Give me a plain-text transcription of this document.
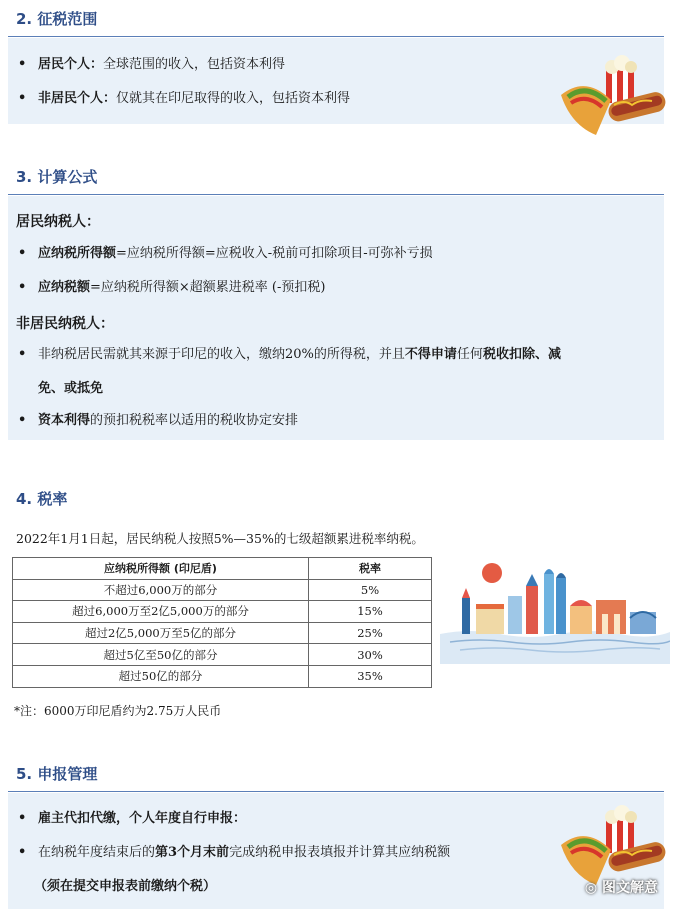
2. 征税范围
• 居民个人：全球范围的收入，包括资本利得
• 非居民个人：仅就其在印尼取得的收入，包括资本利得
3. 计算公式
居民纳税人：
• 应纳税所得额=应纳税所得额=应税收入-税前可扣除项目-可弥补亏损
• 应纳税额=应纳税所得额×超额累进税率 (-预扣税)
非居民纳税人：
• 非纳税居民需就其来源于印尼的收入，缴纳20%的所得税，并且不得申请任何税收扣除、减
免、或抵免
• 资本利得的预扣税税率以适用的税收协定安排
4. 税率
2022年1月1日起，居民纳税人按照5%—35%的七级超额累进税率纳税。
应纳税所得额 (印尼盾)	税率
不超过6,000万的部分	5%
超过6,000万至2亿5,000万的部分	15%
超过2亿5,000万至5亿的部分	25%
超过5亿至50亿的部分	30%
超过50亿的部分	35%
*注：6000万印尼盾约为2.75万人民币
5. 申报管理
• 雇主代扣代缴，个人年度自行申报：
• 在纳税年度结束后的第3个月末前完成纳税申报表填报并计算其应纳税额
（须在提交申报表前缴纳个税）	◎ 图文解意
